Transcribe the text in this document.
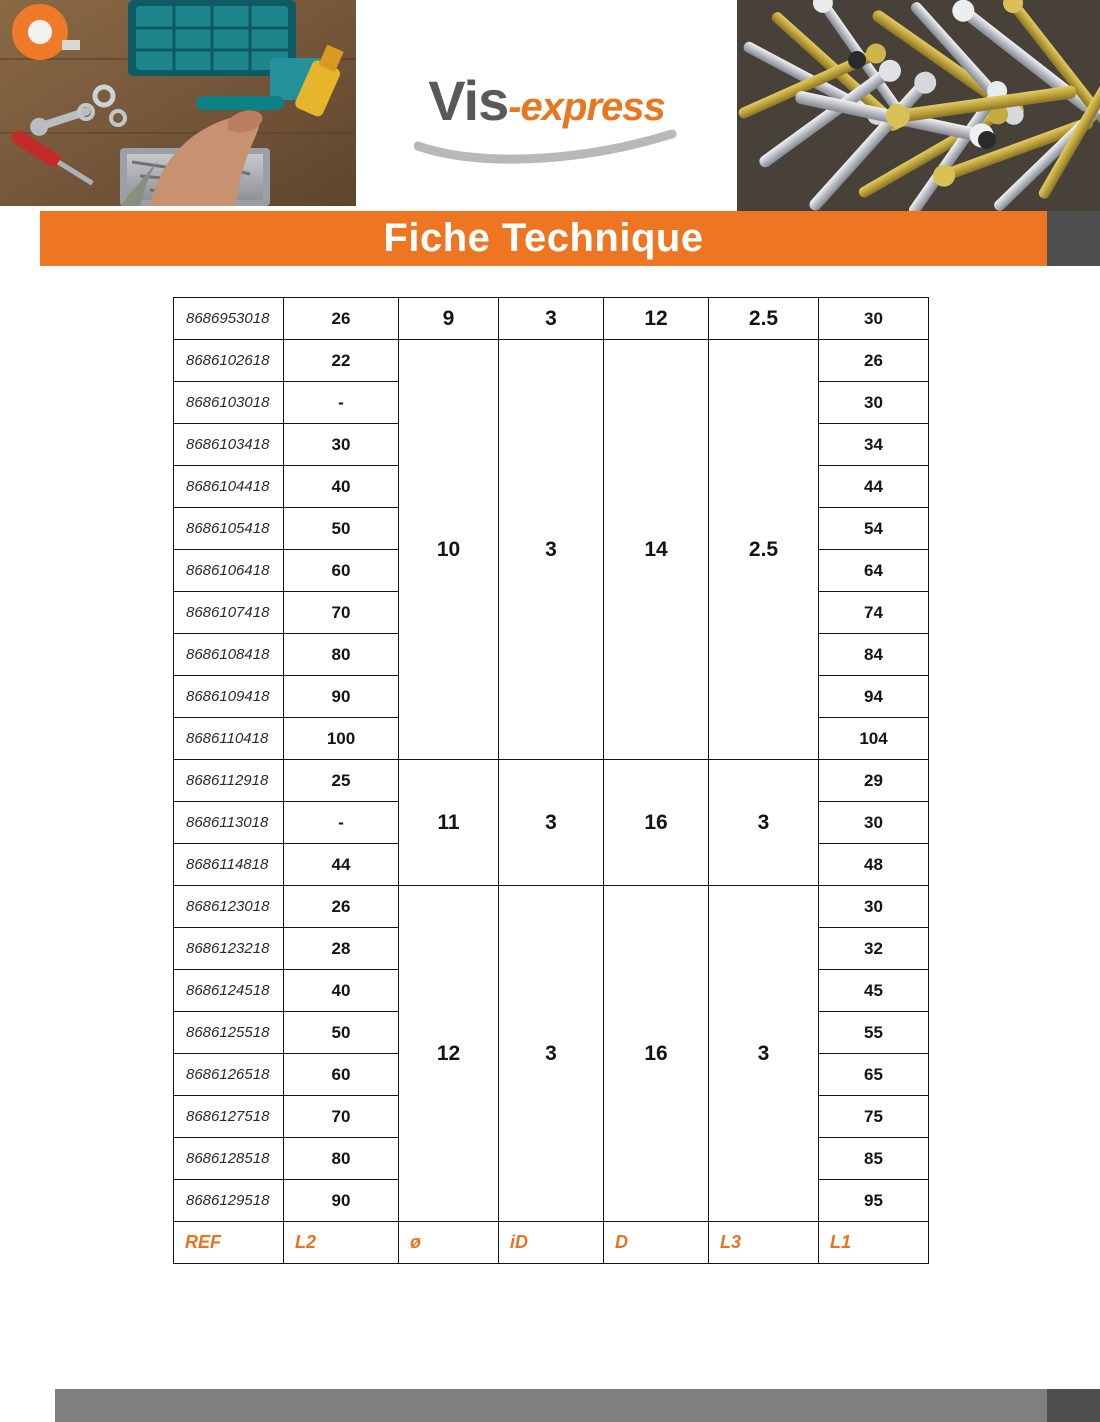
Vis-express
Fiche Technique
8686953018	26	9	3	12	2.5	30
8686102618	22	10	3	14	2.5	26
8686103018	-					30
8686103418	30					34
8686104418	40					44
8686105418	50					54
8686106418	60					64
8686107418	70					74
8686108418	80					84
8686109418	90					94
8686110418	100					104
8686112918	25	11	3	16	3	29
8686113018	-					30
8686114818	44					48
8686123018	26	12	3	16	3	30
8686123218	28					32
8686124518	40					45
8686125518	50					55
8686126518	60					65
8686127518	70					75
8686128518	80					85
8686129518	90					95
REF	L2	ø	iD	D	L3	L1
